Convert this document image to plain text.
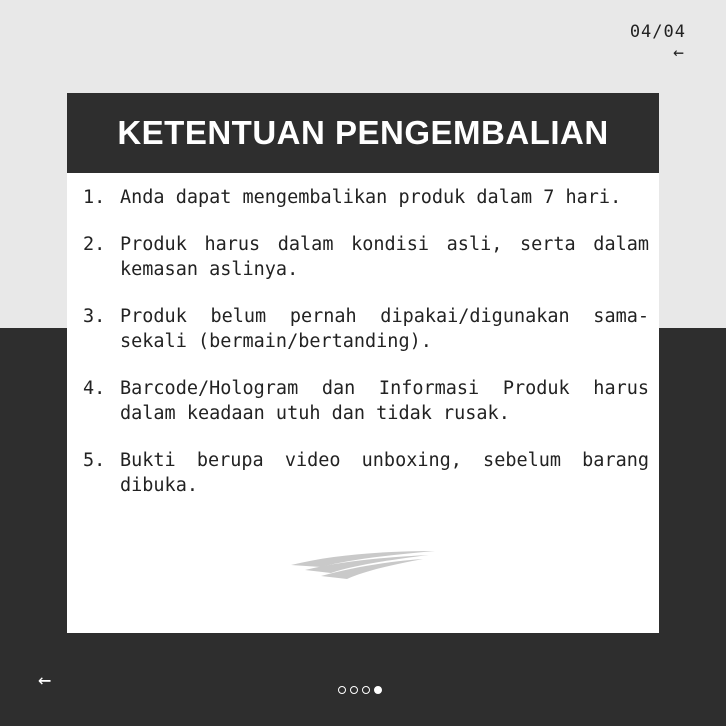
04/04
←
KETENTUAN PENGEMBALIAN
1. Anda dapat mengembalikan produk dalam 7 hari.
2. Produk harus dalam kondisi asli, serta dalam kemasan aslinya.
3. Produk belum pernah dipakai/digunakan sama-sekali (bermain/bertanding).
4. Barcode/Hologram dan Informasi Produk harus dalam keadaan utuh dan tidak rusak.
5. Bukti berupa video unboxing, sebelum barang dibuka.
←
